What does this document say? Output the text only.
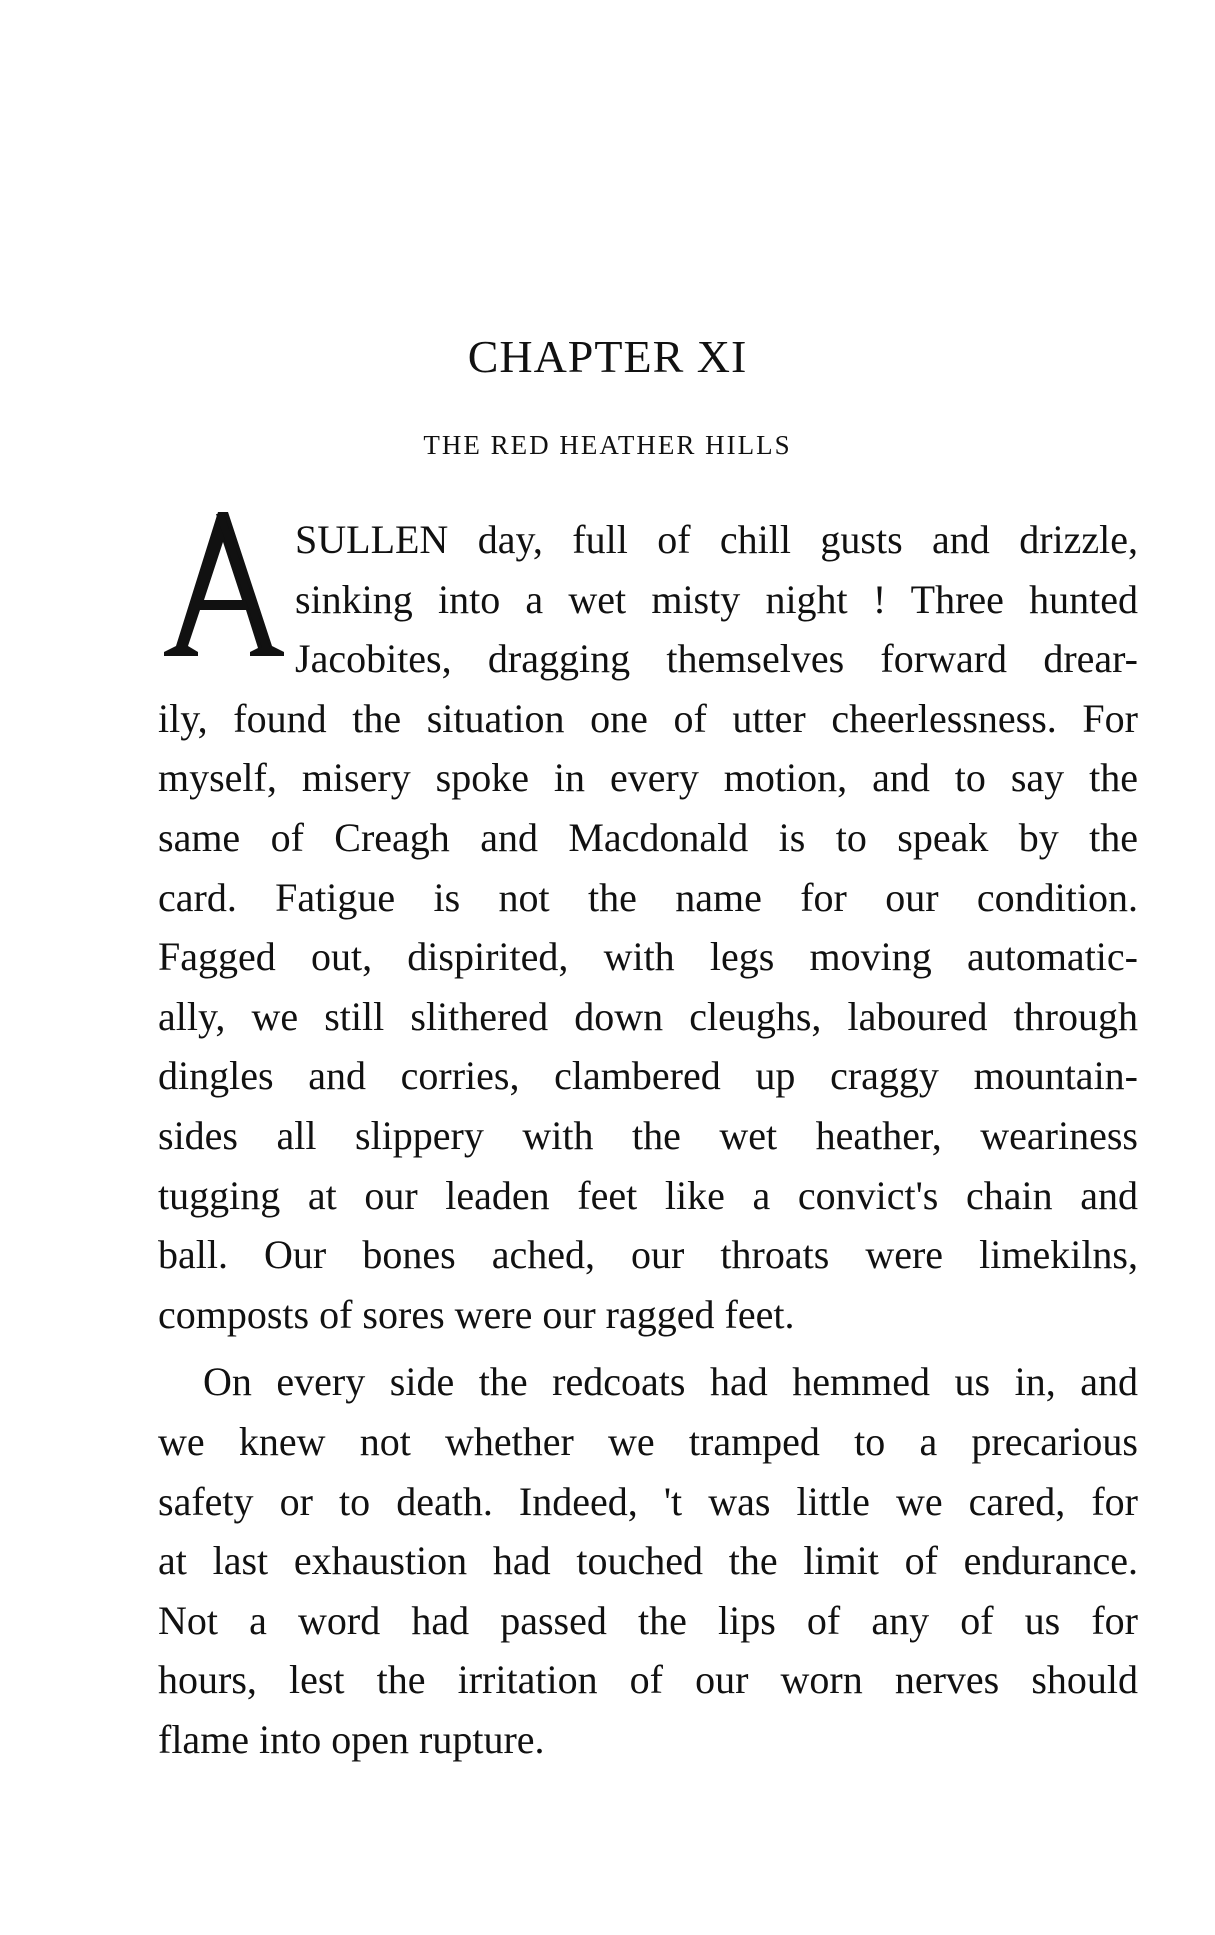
CHAPTER XI
THE RED HEATHER HILLS
SULLEN day, full of chill gusts and drizzle,
sinking into a wet misty night ! Three hunted
Jacobites, dragging themselves forward drear-
ily, found the situation one of utter cheerlessness. For
myself, misery spoke in every motion, and to say the
same of Creagh and Macdonald is to speak by the
card. Fatigue is not the name for our condition.
Fagged out, dispirited, with legs moving automatic-
ally, we still slithered down cleughs, laboured through
dingles and corries, clambered up craggy mountain-
sides all slippery with the wet heather, weariness
tugging at our leaden feet like a convict's chain and
ball. Our bones ached, our throats were limekilns,
composts of sores were our ragged feet.
On every side the redcoats had hemmed us in, and
we knew not whether we tramped to a precarious
safety or to death. Indeed, 't was little we cared, for
at last exhaustion had touched the limit of endurance.
Not a word had passed the lips of any of us for
hours, lest the irritation of our worn nerves should
flame into open rupture.
